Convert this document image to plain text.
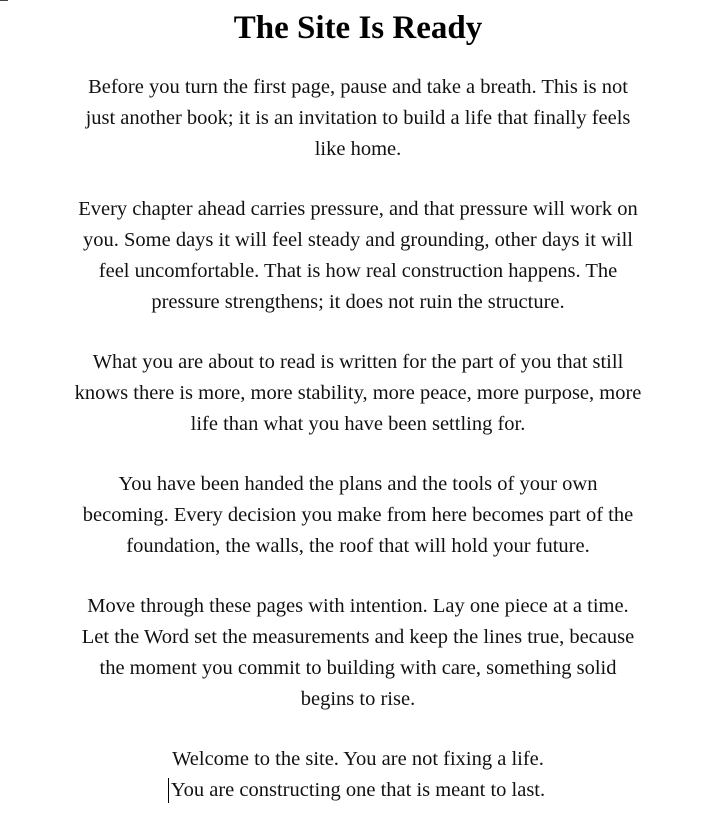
The Site Is Ready

Before you turn the first page, pause and take a breath. This is not
just another book; it is an invitation to build a life that finally feels
like home.

Every chapter ahead carries pressure, and that pressure will work on
you. Some days it will feel steady and grounding, other days it will
feel uncomfortable. That is how real construction happens. The
pressure strengthens; it does not ruin the structure.

What you are about to read is written for the part of you that still
knows there is more, more stability, more peace, more purpose, more
life than what you have been settling for.

You have been handed the plans and the tools of your own
becoming. Every decision you make from here becomes part of the
foundation, the walls, the roof that will hold your future.

Move through these pages with intention. Lay one piece at a time.
Let the Word set the measurements and keep the lines true, because
the moment you commit to building with care, something solid
begins to rise.

Welcome to the site. You are not fixing a life.
You are constructing one that is meant to last.
